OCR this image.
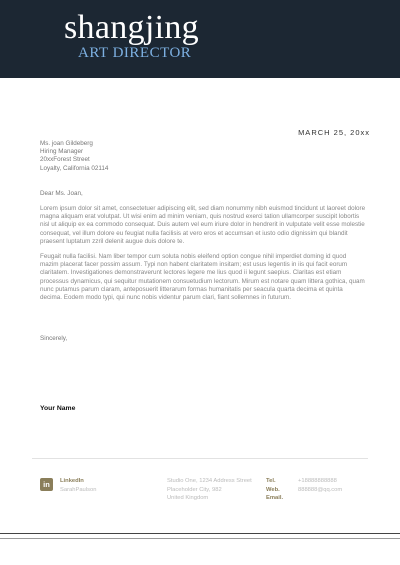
shangjing
ART DIRECTOR
MARCH 25, 20xx
Ms. joan Gildeberg
Hiring Manager
20xxForest Street
Loyalty, California 02114
Dear Ms. Joan,

Lorem ipsum dolor sit amet, consectetuer adipiscing elit, sed diam nonummy nibh euismod tincidunt ut laoreet dolore magna aliquam erat volutpat. Ut wisi enim ad minim veniam, quis nostrud exerci tation ullamcorper suscipit lobortis nisl ut aliquip ex ea commodo consequat. Duis autem vel eum iriure dolor in hendrerit in vulputate velit esse molestie consequat, vel illum dolore eu feugiat nulla facilisis at vero eros et accumsan et iusto odio dignissim qui blandit praesent luptatum zzril delenit augue duis dolore te.

Feugait nulla facilisi. Nam liber tempor cum soluta nobis eleifend option congue nihil imperdiet doming id quod mazim placerat facer possim assum. Typi non habent claritatem insitam; est usus legentis in iis qui facit eorum claritatem. Investigationes demonstraverunt lectores legere me lius quod ii legunt saepius. Claritas est etiam processus dynamicus, qui sequitur mutationem consuetudium lectorum. Mirum est notare quam littera gothica, quam nunc putamus parum claram, anteposuerit litterarum formas humanitatis per seacula quarta decima et quinta decima. Eodem modo typi, qui nunc nobis videntur parum clari, fiant sollemnes in futurum.

Sincerely,
Your Name
in	LinkedIn
SarahPaulson
Studio One, 1234 Address Street
Placeholder City, 982
United Kingdom
Tel.
Web.
Email.
+18888888888
888888@qq.com
